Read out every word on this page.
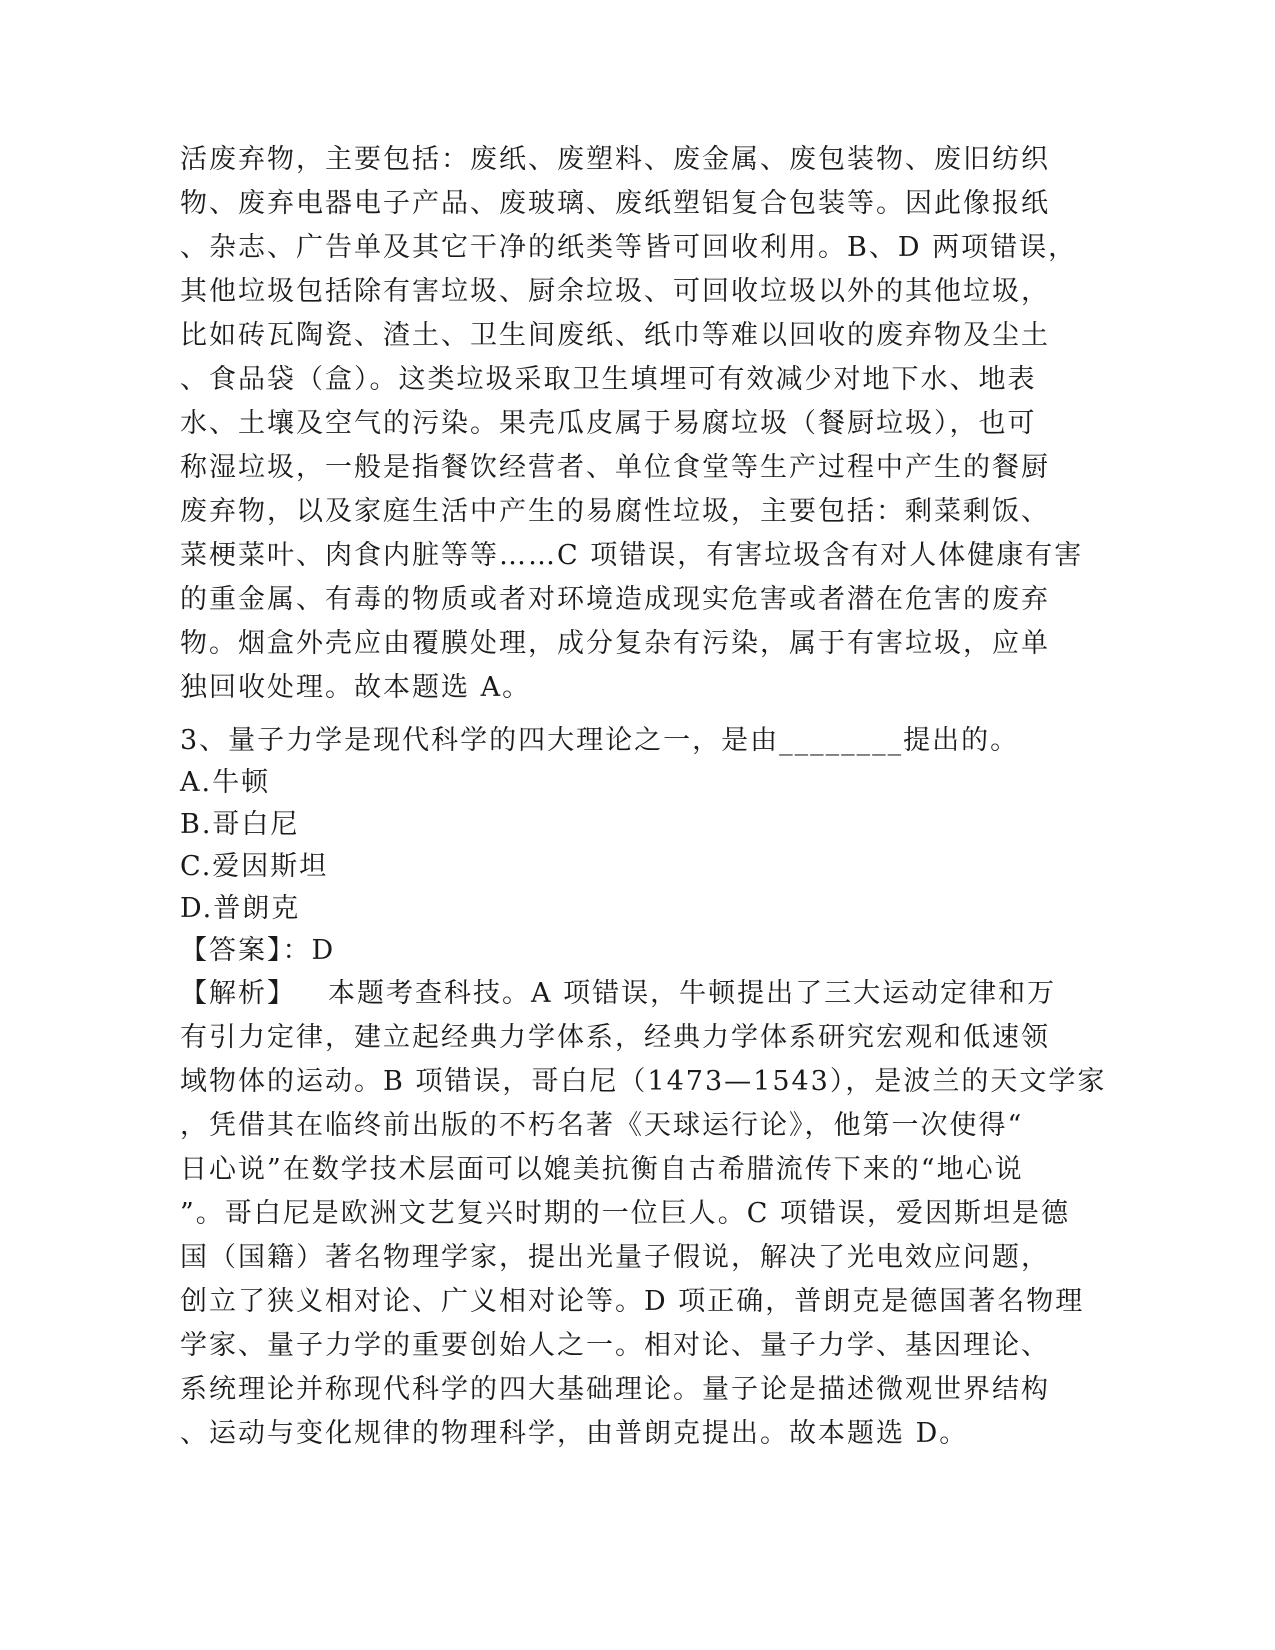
活废弃物，主要包括：废纸、废塑料、废金属、废包装物、废旧纺织
物、废弃电器电子产品、废玻璃、废纸塑铝复合包装等。因此像报纸
、杂志、广告单及其它干净的纸类等皆可回收利用。B、D 两项错误，
其他垃圾包括除有害垃圾、厨余垃圾、可回收垃圾以外的其他垃圾，
比如砖瓦陶瓷、渣土、卫生间废纸、纸巾等难以回收的废弃物及尘土
、食品袋（盒）。这类垃圾采取卫生填埋可有效减少对地下水、地表
水、土壤及空气的污染。果壳瓜皮属于易腐垃圾（餐厨垃圾），也可
称湿垃圾，一般是指餐饮经营者、单位食堂等生产过程中产生的餐厨
废弃物，以及家庭生活中产生的易腐性垃圾，主要包括：剩菜剩饭、
菜梗菜叶、肉食内脏等等……C 项错误，有害垃圾含有对人体健康有害
的重金属、有毒的物质或者对环境造成现实危害或者潜在危害的废弃
物。烟盒外壳应由覆膜处理，成分复杂有污染，属于有害垃圾，应单
独回收处理。故本题选 A。
3、量子力学是现代科学的四大理论之一，是由________提出的。
A.牛顿
B.哥白尼
C.爱因斯坦
D.普朗克
【答案】：D
【解析】 本题考查科技。A 项错误，牛顿提出了三大运动定律和万
有引力定律，建立起经典力学体系，经典力学体系研究宏观和低速领
域物体的运动。B 项错误，哥白尼（1473—1543），是波兰的天文学家
，凭借其在临终前出版的不朽名著《天球运行论》，他第一次使得“
日心说”在数学技术层面可以媲美抗衡自古希腊流传下来的“地心说
”。哥白尼是欧洲文艺复兴时期的一位巨人。C 项错误，爱因斯坦是德
国（国籍）著名物理学家，提出光量子假说，解决了光电效应问题，
创立了狭义相对论、广义相对论等。D 项正确，普朗克是德国著名物理
学家、量子力学的重要创始人之一。相对论、量子力学、基因理论、
系统理论并称现代科学的四大基础理论。量子论是描述微观世界结构
、运动与变化规律的物理科学，由普朗克提出。故本题选 D。
